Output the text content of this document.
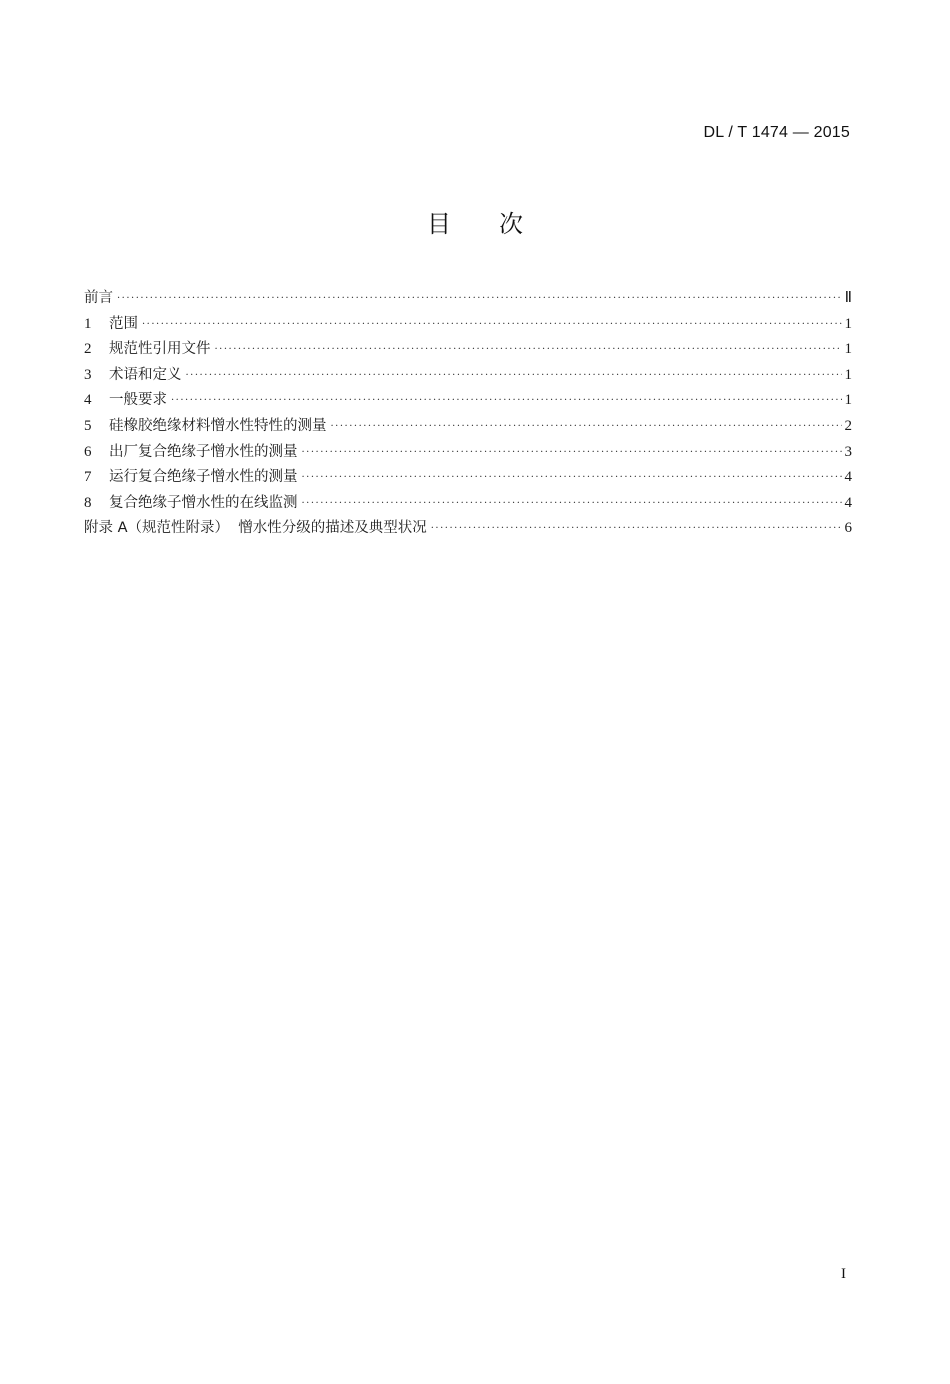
DL / T 1474 — 2015
目次
前言 ·····	Ⅱ
1	范围 ·····	1
2	规范性引用文件 ·····	1
3	术语和定义 ·····	1
4	一般要求 ·····	1
5	硅橡胶绝缘材料憎水性特性的测量 ·····	2
6	出厂复合绝缘子憎水性的测量 ·····	3
7	运行复合绝缘子憎水性的测量 ·····	4
8	复合绝缘子憎水性的在线监测 ·····	4
附录 A（规范性附录）  憎水性分级的描述及典型状况 ·····	6
I
